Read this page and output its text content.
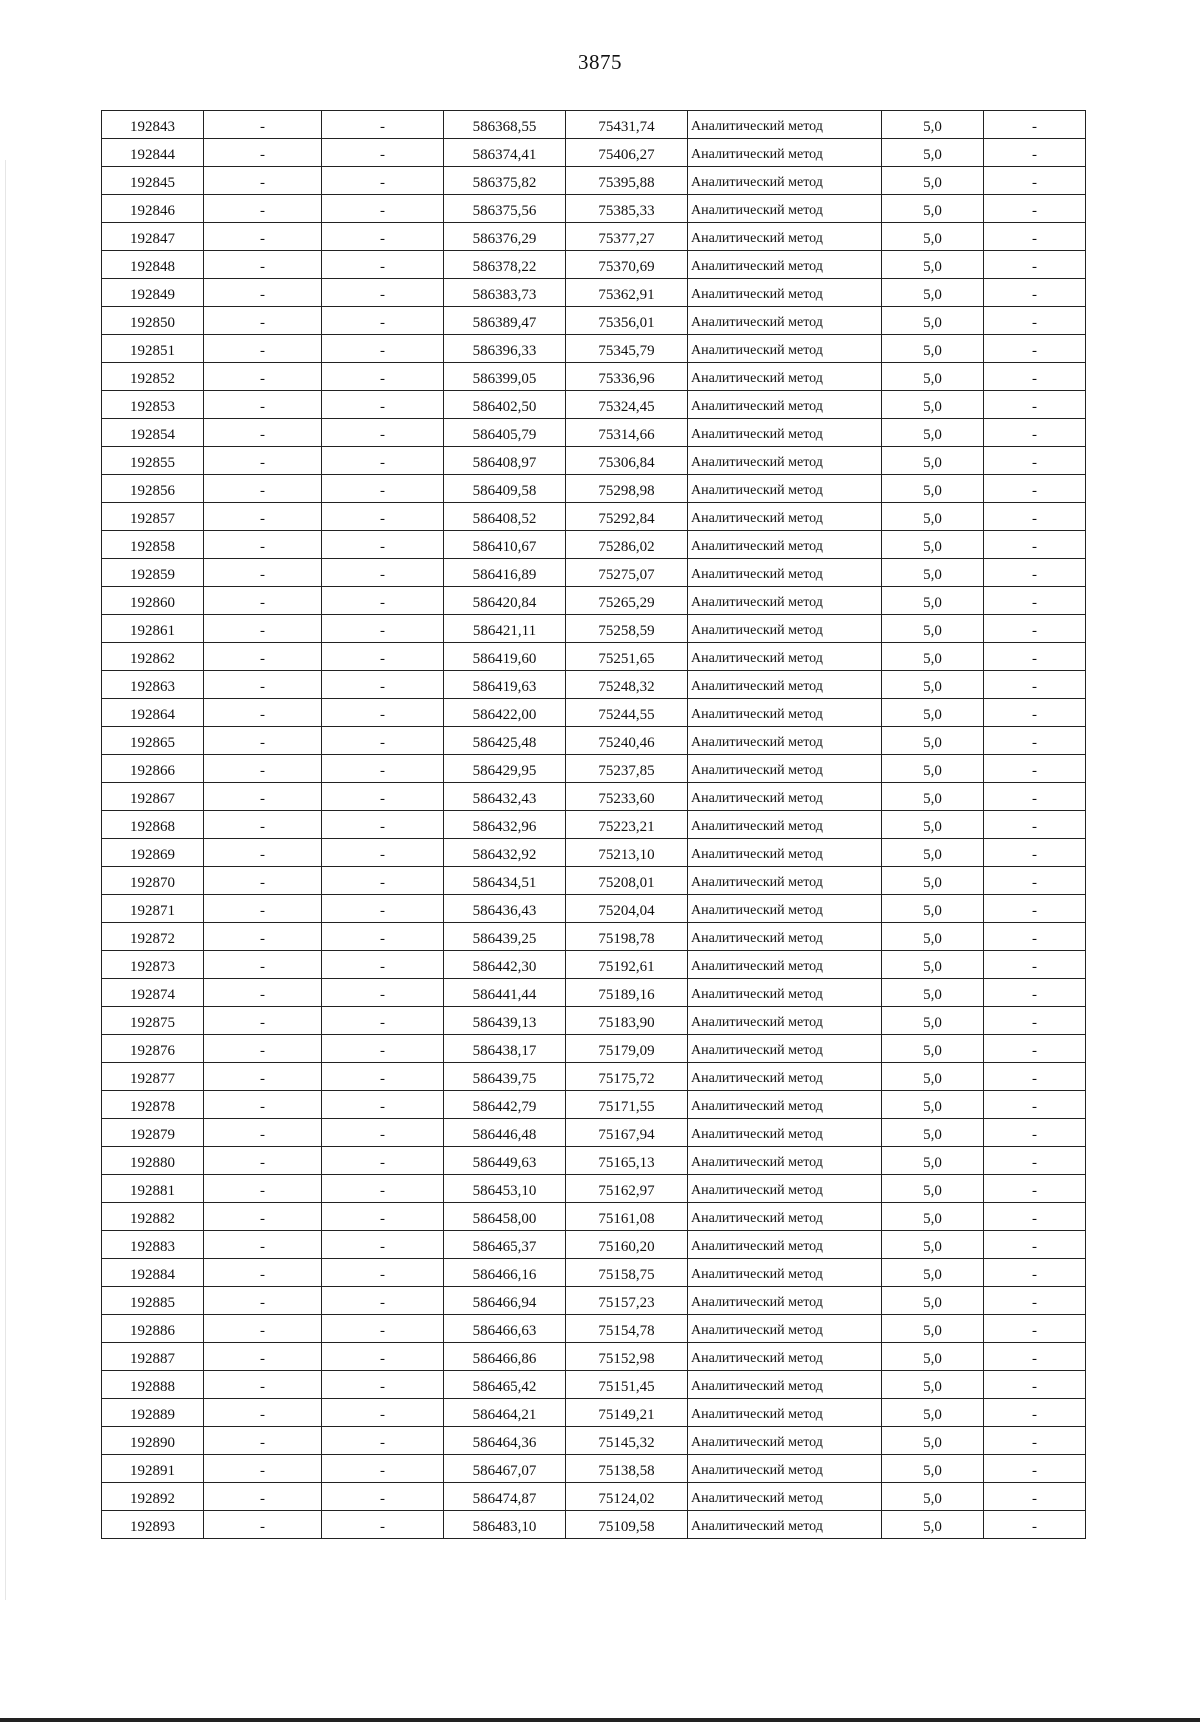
3875
192843	-	-	586368,55	75431,74	Аналитический метод	5,0	-
192844	-	-	586374,41	75406,27	Аналитический метод	5,0	-
192845	-	-	586375,82	75395,88	Аналитический метод	5,0	-
192846	-	-	586375,56	75385,33	Аналитический метод	5,0	-
192847	-	-	586376,29	75377,27	Аналитический метод	5,0	-
192848	-	-	586378,22	75370,69	Аналитический метод	5,0	-
192849	-	-	586383,73	75362,91	Аналитический метод	5,0	-
192850	-	-	586389,47	75356,01	Аналитический метод	5,0	-
192851	-	-	586396,33	75345,79	Аналитический метод	5,0	-
192852	-	-	586399,05	75336,96	Аналитический метод	5,0	-
192853	-	-	586402,50	75324,45	Аналитический метод	5,0	-
192854	-	-	586405,79	75314,66	Аналитический метод	5,0	-
192855	-	-	586408,97	75306,84	Аналитический метод	5,0	-
192856	-	-	586409,58	75298,98	Аналитический метод	5,0	-
192857	-	-	586408,52	75292,84	Аналитический метод	5,0	-
192858	-	-	586410,67	75286,02	Аналитический метод	5,0	-
192859	-	-	586416,89	75275,07	Аналитический метод	5,0	-
192860	-	-	586420,84	75265,29	Аналитический метод	5,0	-
192861	-	-	586421,11	75258,59	Аналитический метод	5,0	-
192862	-	-	586419,60	75251,65	Аналитический метод	5,0	-
192863	-	-	586419,63	75248,32	Аналитический метод	5,0	-
192864	-	-	586422,00	75244,55	Аналитический метод	5,0	-
192865	-	-	586425,48	75240,46	Аналитический метод	5,0	-
192866	-	-	586429,95	75237,85	Аналитический метод	5,0	-
192867	-	-	586432,43	75233,60	Аналитический метод	5,0	-
192868	-	-	586432,96	75223,21	Аналитический метод	5,0	-
192869	-	-	586432,92	75213,10	Аналитический метод	5,0	-
192870	-	-	586434,51	75208,01	Аналитический метод	5,0	-
192871	-	-	586436,43	75204,04	Аналитический метод	5,0	-
192872	-	-	586439,25	75198,78	Аналитический метод	5,0	-
192873	-	-	586442,30	75192,61	Аналитический метод	5,0	-
192874	-	-	586441,44	75189,16	Аналитический метод	5,0	-
192875	-	-	586439,13	75183,90	Аналитический метод	5,0	-
192876	-	-	586438,17	75179,09	Аналитический метод	5,0	-
192877	-	-	586439,75	75175,72	Аналитический метод	5,0	-
192878	-	-	586442,79	75171,55	Аналитический метод	5,0	-
192879	-	-	586446,48	75167,94	Аналитический метод	5,0	-
192880	-	-	586449,63	75165,13	Аналитический метод	5,0	-
192881	-	-	586453,10	75162,97	Аналитический метод	5,0	-
192882	-	-	586458,00	75161,08	Аналитический метод	5,0	-
192883	-	-	586465,37	75160,20	Аналитический метод	5,0	-
192884	-	-	586466,16	75158,75	Аналитический метод	5,0	-
192885	-	-	586466,94	75157,23	Аналитический метод	5,0	-
192886	-	-	586466,63	75154,78	Аналитический метод	5,0	-
192887	-	-	586466,86	75152,98	Аналитический метод	5,0	-
192888	-	-	586465,42	75151,45	Аналитический метод	5,0	-
192889	-	-	586464,21	75149,21	Аналитический метод	5,0	-
192890	-	-	586464,36	75145,32	Аналитический метод	5,0	-
192891	-	-	586467,07	75138,58	Аналитический метод	5,0	-
192892	-	-	586474,87	75124,02	Аналитический метод	5,0	-
192893	-	-	586483,10	75109,58	Аналитический метод	5,0	-
